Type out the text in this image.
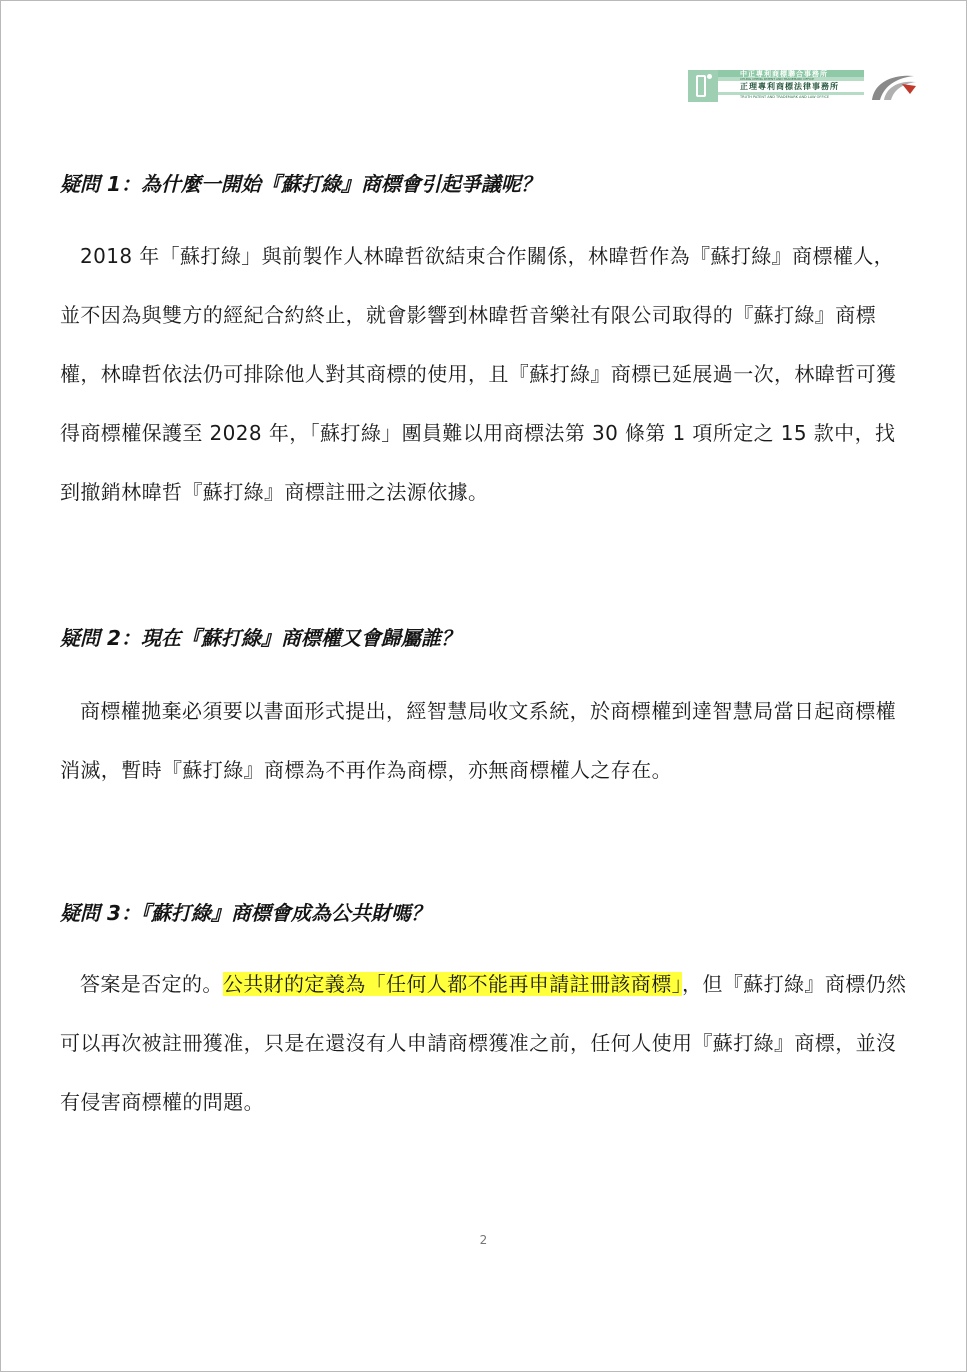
中正專利商標聯合事務所
CHUNG CHENG PATENT AND TRADEMARK OFFICE
正理專利商標法律事務所
TRUTH PATENT AND TRADEMARK AND LAW OFFICE
疑問 1：為什麼一開始『蘇打綠』商標會引起爭議呢？

2018 年「蘇打綠」與前製作人林暐哲欲結束合作關係，林暐哲作為『蘇打綠』商標權人，並不因為與雙方的經紀合約終止，就會影響到林暐哲音樂社有限公司取得的『蘇打綠』商標權，林暐哲依法仍可排除他人對其商標的使用，且『蘇打綠』商標已延展過一次，林暐哲可獲得商標權保護至 2028 年，「蘇打綠」團員難以用商標法第 30 條第 1 項所定之 15 款中，找到撤銷林暐哲『蘇打綠』商標註冊之法源依據。

疑問 2：現在『蘇打綠』商標權又會歸屬誰？

商標權拋棄必須要以書面形式提出，經智慧局收文系統，於商標權到達智慧局當日起商標權消滅，暫時『蘇打綠』商標為不再作為商標，亦無商標權人之存在。

疑問 3：『蘇打綠』商標會成為公共財嗎？

答案是否定的。公共財的定義為「任何人都不能再申請註冊該商標」，但『蘇打綠』商標仍然可以再次被註冊獲准，只是在還沒有人申請商標獲准之前，任何人使用『蘇打綠』商標，並沒有侵害商標權的問題。

2
